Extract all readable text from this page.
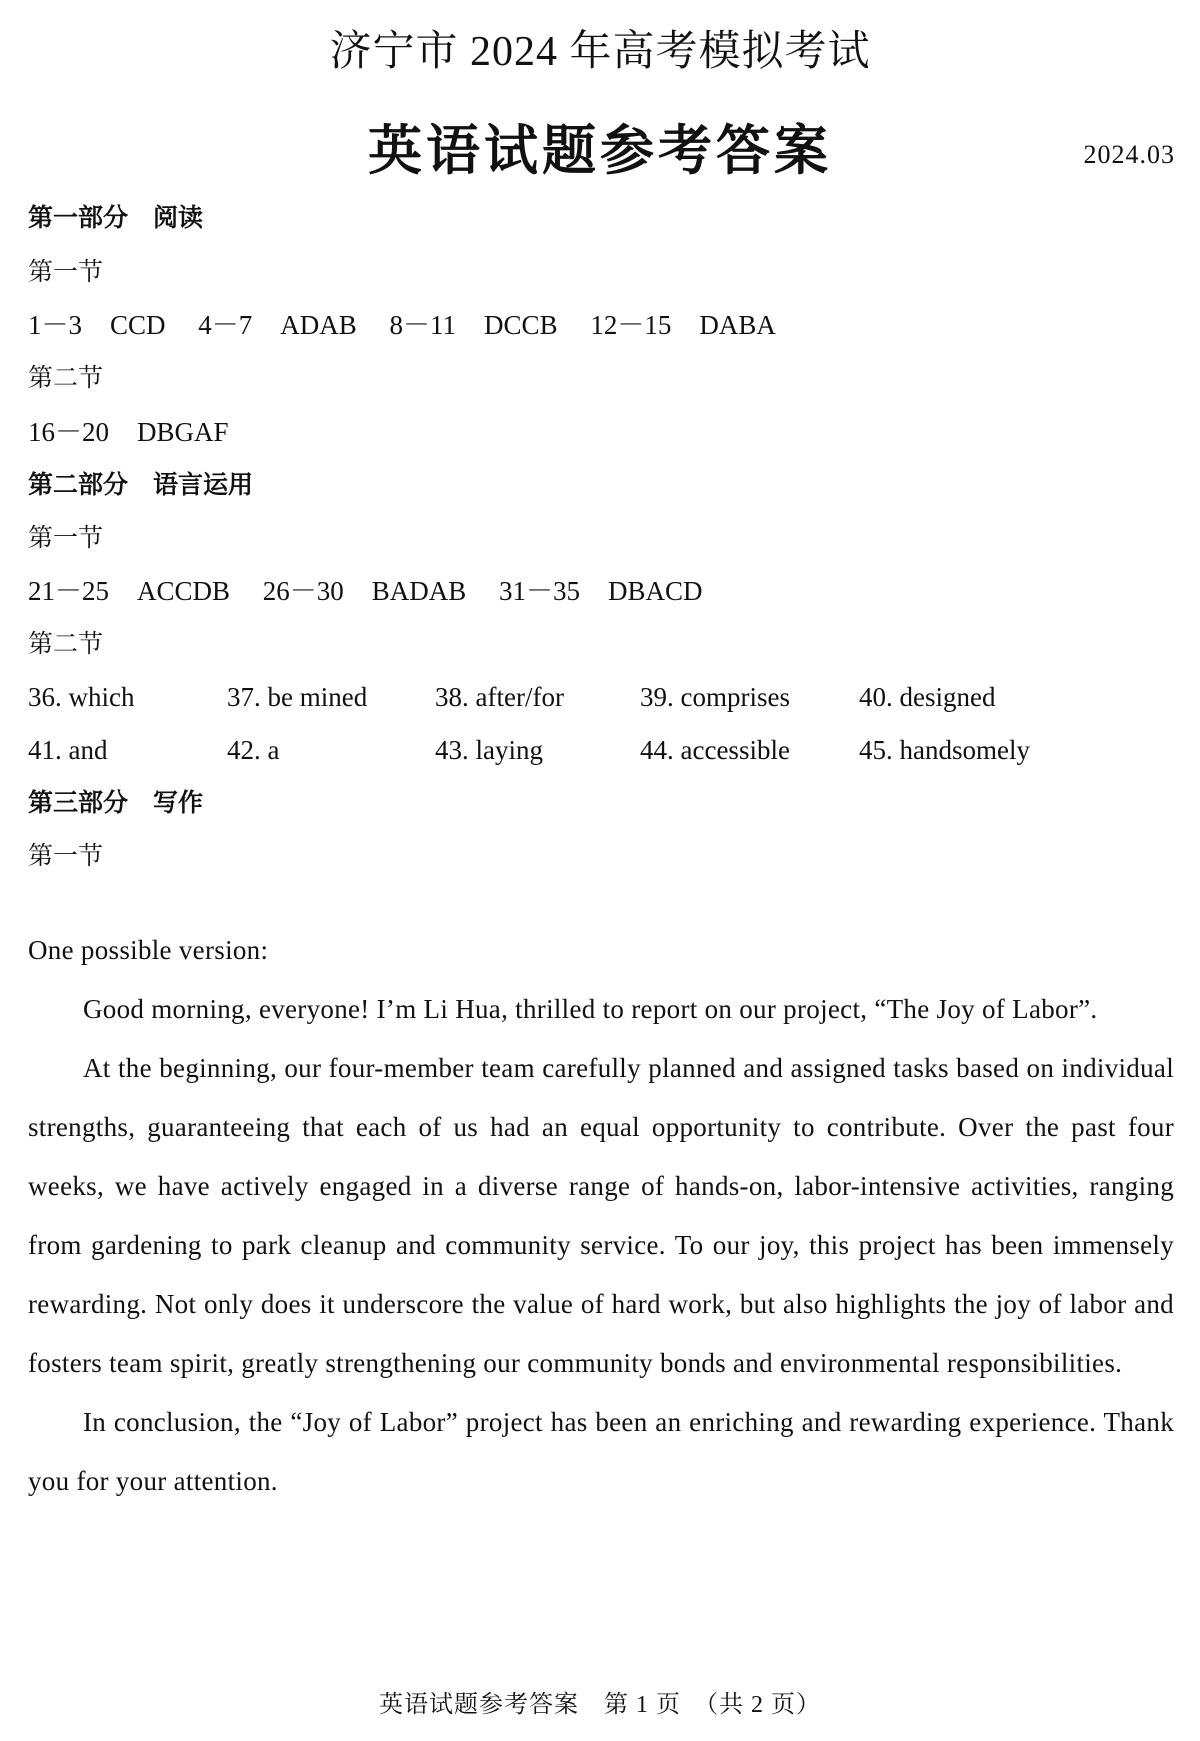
济宁市 2024 年高考模拟考试
英语试题参考答案	2024.03
第一部分　阅读
第一节
1－3 CCD 4－7 ADAB 8－11 DCCB 12－15 DABA
第二节
16－20 DBGAF
第二部分　语言运用
第一节
21－25 ACCDB 26－30 BADAB 31－35 DBACD
第二节
36. which	37. be mined	38. after/for	39. comprises	40. designed
41. and	42. a	43. laying	44. accessible	45. handsomely
第三部分　写作
第一节

One possible version:

Good morning, everyone! I’m Li Hua, thrilled to report on our project, “The Joy of Labor”.

At the beginning, our four-member team carefully planned and assigned tasks based on individual strengths, guaranteeing that each of us had an equal opportunity to contribute. Over the past four weeks, we have actively engaged in a diverse range of hands-on, labor-intensive activities, ranging from gardening to park cleanup and community service. To our joy, this project has been immensely rewarding. Not only does it underscore the value of hard work, but also highlights the joy of labor and fosters team spirit, greatly strengthening our community bonds and environmental responsibilities.

In conclusion, the “Joy of Labor” project has been an enriching and rewarding experience. Thank you for your attention.

英语试题参考答案　第 1 页　（共 2 页）
